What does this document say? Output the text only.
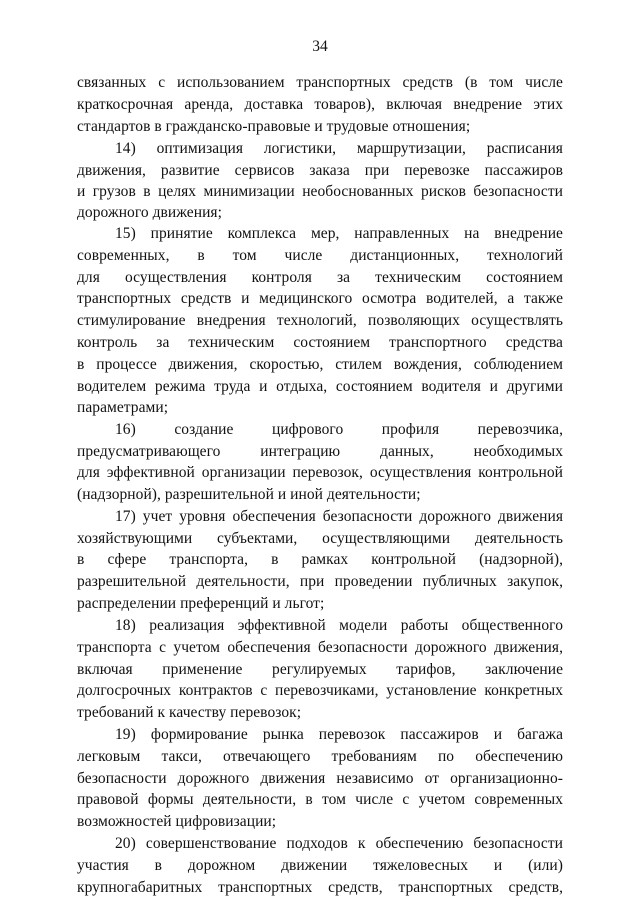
34
связанных с использованием транспортных средств (в том числе
краткосрочная аренда, доставка товаров), включая внедрение этих
стандартов в гражданско-правовые и трудовые отношения;
14) оптимизация логистики, маршрутизации, расписания
движения, развитие сервисов заказа при перевозке пассажиров
и грузов в целях минимизации необоснованных рисков безопасности
дорожного движения;
15) принятие комплекса мер, направленных на внедрение
современных, в том числе дистанционных, технологий
для осуществления контроля за техническим состоянием
транспортных средств и медицинского осмотра водителей, а также
стимулирование внедрения технологий, позволяющих осуществлять
контроль за техническим состоянием транспортного средства
в процессе движения, скоростью, стилем вождения, соблюдением
водителем режима труда и отдыха, состоянием водителя и другими
параметрами;
16) создание цифрового профиля перевозчика,
предусматривающего интеграцию данных, необходимых
для эффективной организации перевозок, осуществления контрольной
(надзорной), разрешительной и иной деятельности;
17) учет уровня обеспечения безопасности дорожного движения
хозяйствующими субъектами, осуществляющими деятельность
в сфере транспорта, в рамках контрольной (надзорной),
разрешительной деятельности, при проведении публичных закупок,
распределении преференций и льгот;
18) реализация эффективной модели работы общественного
транспорта с учетом обеспечения безопасности дорожного движения,
включая применение регулируемых тарифов, заключение
долгосрочных контрактов с перевозчиками, установление конкретных
требований к качеству перевозок;
19) формирование рынка перевозок пассажиров и багажа
легковым такси, отвечающего требованиям по обеспечению
безопасности дорожного движения независимо от организационно-
правовой формы деятельности, в том числе с учетом современных
возможностей цифровизации;
20) совершенствование подходов к обеспечению безопасности
участия в дорожном движении тяжеловесных и (или)
крупногабаритных транспортных средств, транспортных средств,
